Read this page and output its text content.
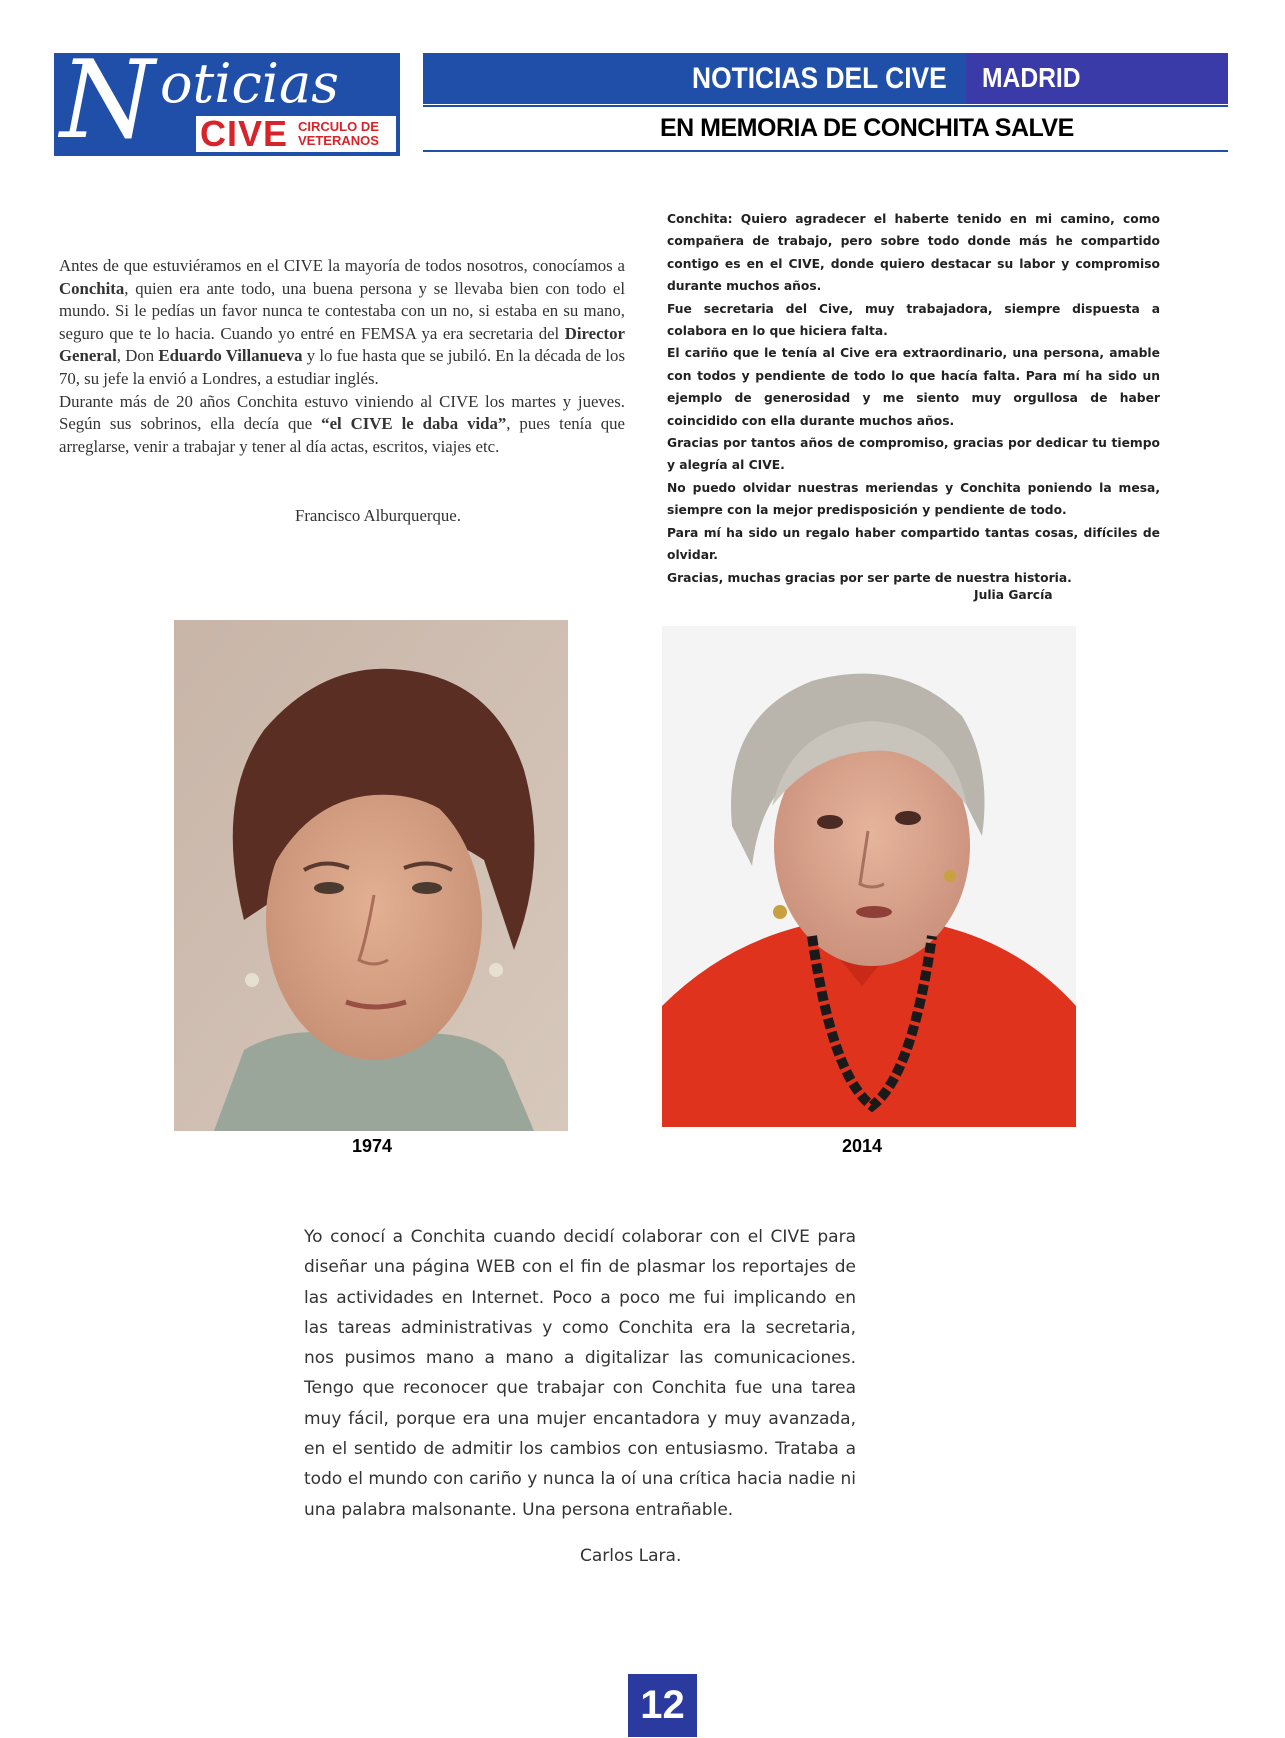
N oticias
CIVE CIRCULO DE
VETERANOS
NOTICIAS DEL CIVE MADRID
EN MEMORIA DE CONCHITA SALVE

Antes de que estuviéramos en el CIVE la mayoría de todos nosotros, conocíamos a Conchita, quien era ante todo, una buena persona y se llevaba bien con todo el mundo. Si le pedías un favor nunca te contestaba con un no, si estaba en su mano, seguro que te lo hacia. Cuando yo entré en FEMSA ya era secretaria del Director General, Don Eduardo Villanueva y lo fue hasta que se jubiló. En la década de los 70, su jefe la envió a Londres, a estudiar inglés.

Durante más de 20 años Conchita estuvo viniendo al CIVE los martes y jueves. Según sus sobrinos, ella decía que “el CIVE le daba vida”, pues tenía que arreglarse, venir a trabajar y tener al día actas, escritos, viajes etc.

Francisco Alburquerque.

Conchita: Quiero agradecer el haberte tenido en mi camino, como compañera de trabajo, pero sobre todo donde más he compartido contigo es en el CIVE, donde quiero destacar su labor y compromiso durante muchos años.

Fue secretaria del Cive, muy trabajadora, siempre dispuesta a colabora en lo que hiciera falta.

El cariño que le tenía al Cive era extraordinario, una persona, amable con todos y pendiente de todo lo que hacía falta. Para mí ha sido un ejemplo de generosidad y me siento muy orgullosa de haber coincidido con ella durante muchos años.

Gracias por tantos años de compromiso, gracias por dedicar tu tiempo y alegría al CIVE.

No puedo olvidar nuestras meriendas y Conchita poniendo la mesa, siempre con la mejor predisposición y pendiente de todo.

Para mí ha sido un regalo haber compartido tantas cosas, difíciles de olvidar.

Gracias, muchas gracias por ser parte de nuestra historia.

Julia García
1974	2014

Yo conocí a Conchita cuando decidí colaborar con el CIVE para diseñar una página WEB con el fin de plasmar los reportajes de las actividades en Internet. Poco a poco me fui implicando en las tareas administrativas y como Conchita era la secretaria, nos pusimos mano a mano a digitalizar las comunicaciones. Tengo que reconocer que trabajar con Conchita fue una tarea muy fácil, porque era una mujer encantadora y muy avanzada, en el sentido de admitir los cambios con entusiasmo. Trataba a todo el mundo con cariño y nunca la oí una crítica hacia nadie ni una palabra malsonante. Una persona entrañable.

Carlos Lara.
12
